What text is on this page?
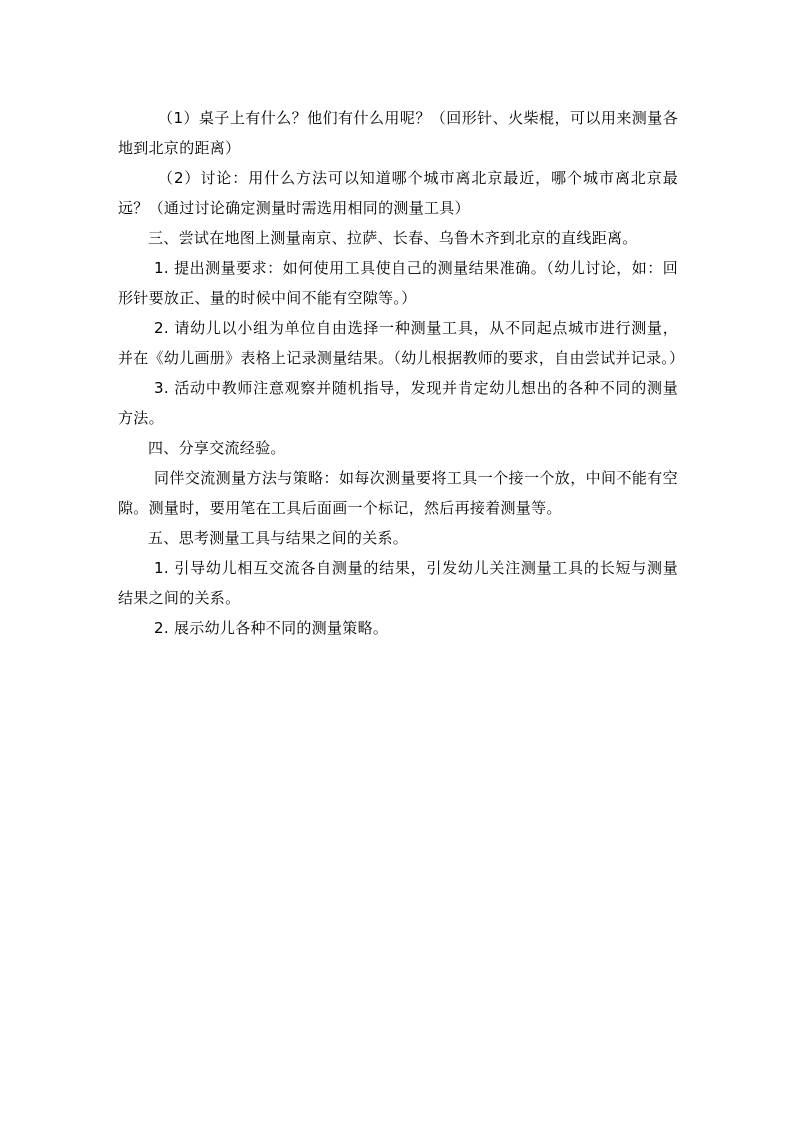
（1）桌子上有什么？他们有什么用呢？（回形针、火柴棍，可以用来测量各地到北京的距离）

（2）讨论：用什么方法可以知道哪个城市离北京最近，哪个城市离北京最远？（通过讨论确定测量时需选用相同的测量工具）

三、尝试在地图上测量南京、拉萨、长春、乌鲁木齐到北京的直线距离。

1. 提出测量要求：如何使用工具使自己的测量结果准确。（幼儿讨论，如：回形针要放正、量的时候中间不能有空隙等。）

2. 请幼儿以小组为单位自由选择一种测量工具，从不同起点城市进行测量，并在《幼儿画册》表格上记录测量结果。（幼儿根据教师的要求，自由尝试并记录。）

3. 活动中教师注意观察并随机指导，发现并肯定幼儿想出的各种不同的测量方法。

四、分享交流经验。

同伴交流测量方法与策略：如每次测量要将工具一个接一个放，中间不能有空隙。测量时，要用笔在工具后面画一个标记，然后再接着测量等。

五、思考测量工具与结果之间的关系。

1. 引导幼儿相互交流各自测量的结果，引发幼儿关注测量工具的长短与测量结果之间的关系。

2. 展示幼儿各种不同的测量策略。
